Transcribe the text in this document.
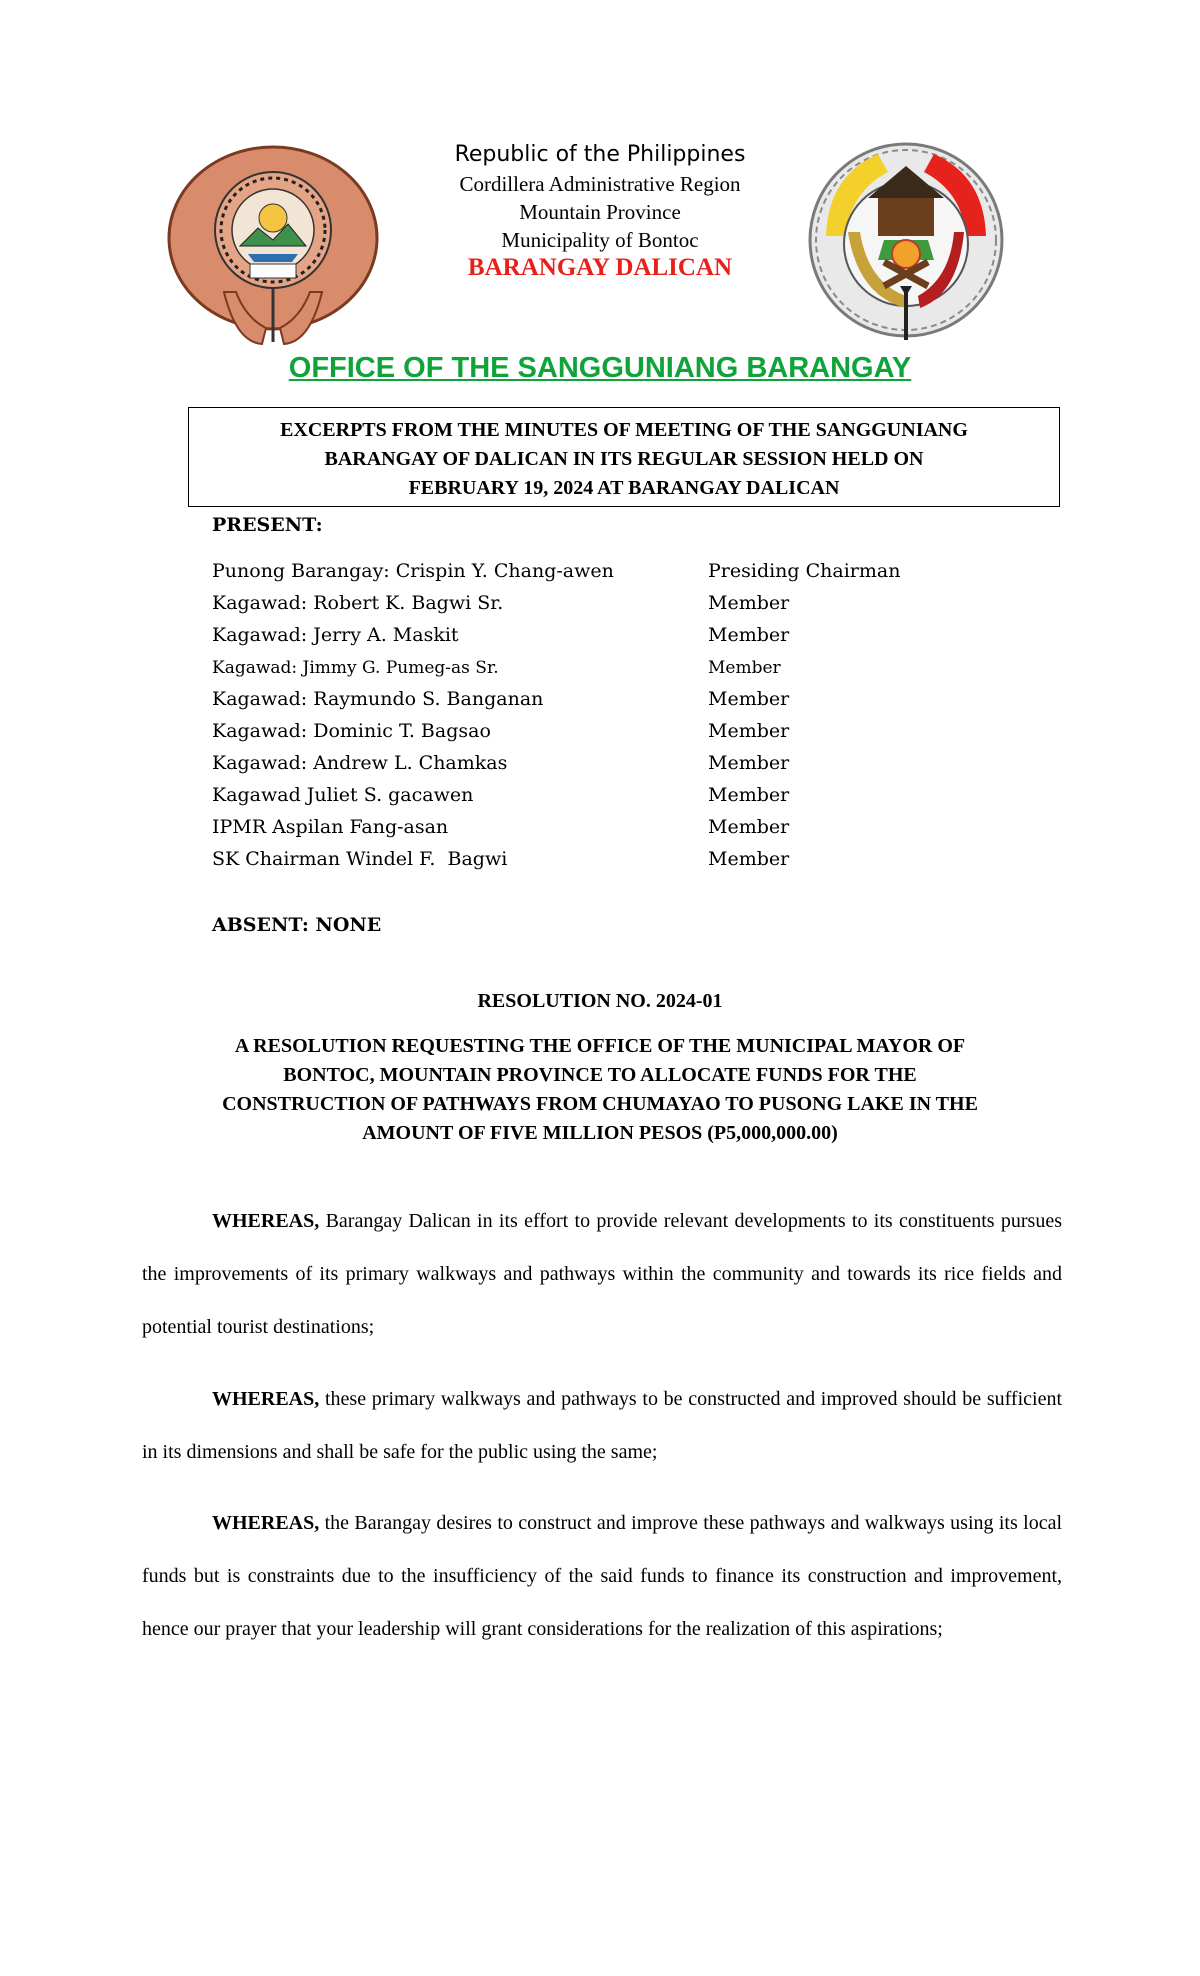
Republic of the Philippines
Cordillera Administrative Region
Mountain Province
Municipality of Bontoc
BARANGAY DALICAN
OFFICE OF THE SANGGUNIANG BARANGAY
EXCERPTS FROM THE MINUTES OF MEETING OF THE SANGGUNIANG
BARANGAY OF DALICAN IN ITS REGULAR SESSION HELD ON
FEBRUARY 19, 2024 AT BARANGAY DALICAN
PRESENT:
Punong Barangay: Crispin Y. Chang-awen	Presiding Chairman
Kagawad: Robert K. Bagwi Sr.	Member
Kagawad: Jerry A. Maskit	Member
Kagawad: Jimmy G. Pumeg-as Sr.	Member
Kagawad: Raymundo S. Banganan	Member
Kagawad: Dominic T. Bagsao	Member
Kagawad: Andrew L. Chamkas	Member
Kagawad Juliet S. gacawen	Member
IPMR Aspilan Fang-asan	Member
SK Chairman Windel F.  Bagwi	Member
ABSENT: NONE
RESOLUTION NO. 2024-01
A RESOLUTION REQUESTING THE OFFICE OF THE MUNICIPAL MAYOR OF
BONTOC, MOUNTAIN PROVINCE TO ALLOCATE FUNDS FOR THE
CONSTRUCTION OF PATHWAYS FROM CHUMAYAO TO PUSONG LAKE IN THE
AMOUNT OF FIVE MILLION PESOS (P5,000,000.00)
WHEREAS, Barangay Dalican in its effort to provide relevant developments to its constituents pursues the improvements of its primary walkways and pathways within the community and towards its rice fields and potential tourist destinations;
WHEREAS, these primary walkways and pathways to be constructed and improved should be sufficient in its dimensions and shall be safe for the public using the same;
WHEREAS, the Barangay desires to construct and improve these pathways and walkways using its local funds but is constraints due to the insufficiency of the said funds to finance its construction and improvement, hence our prayer that your leadership will grant considerations for the realization of this aspirations;
